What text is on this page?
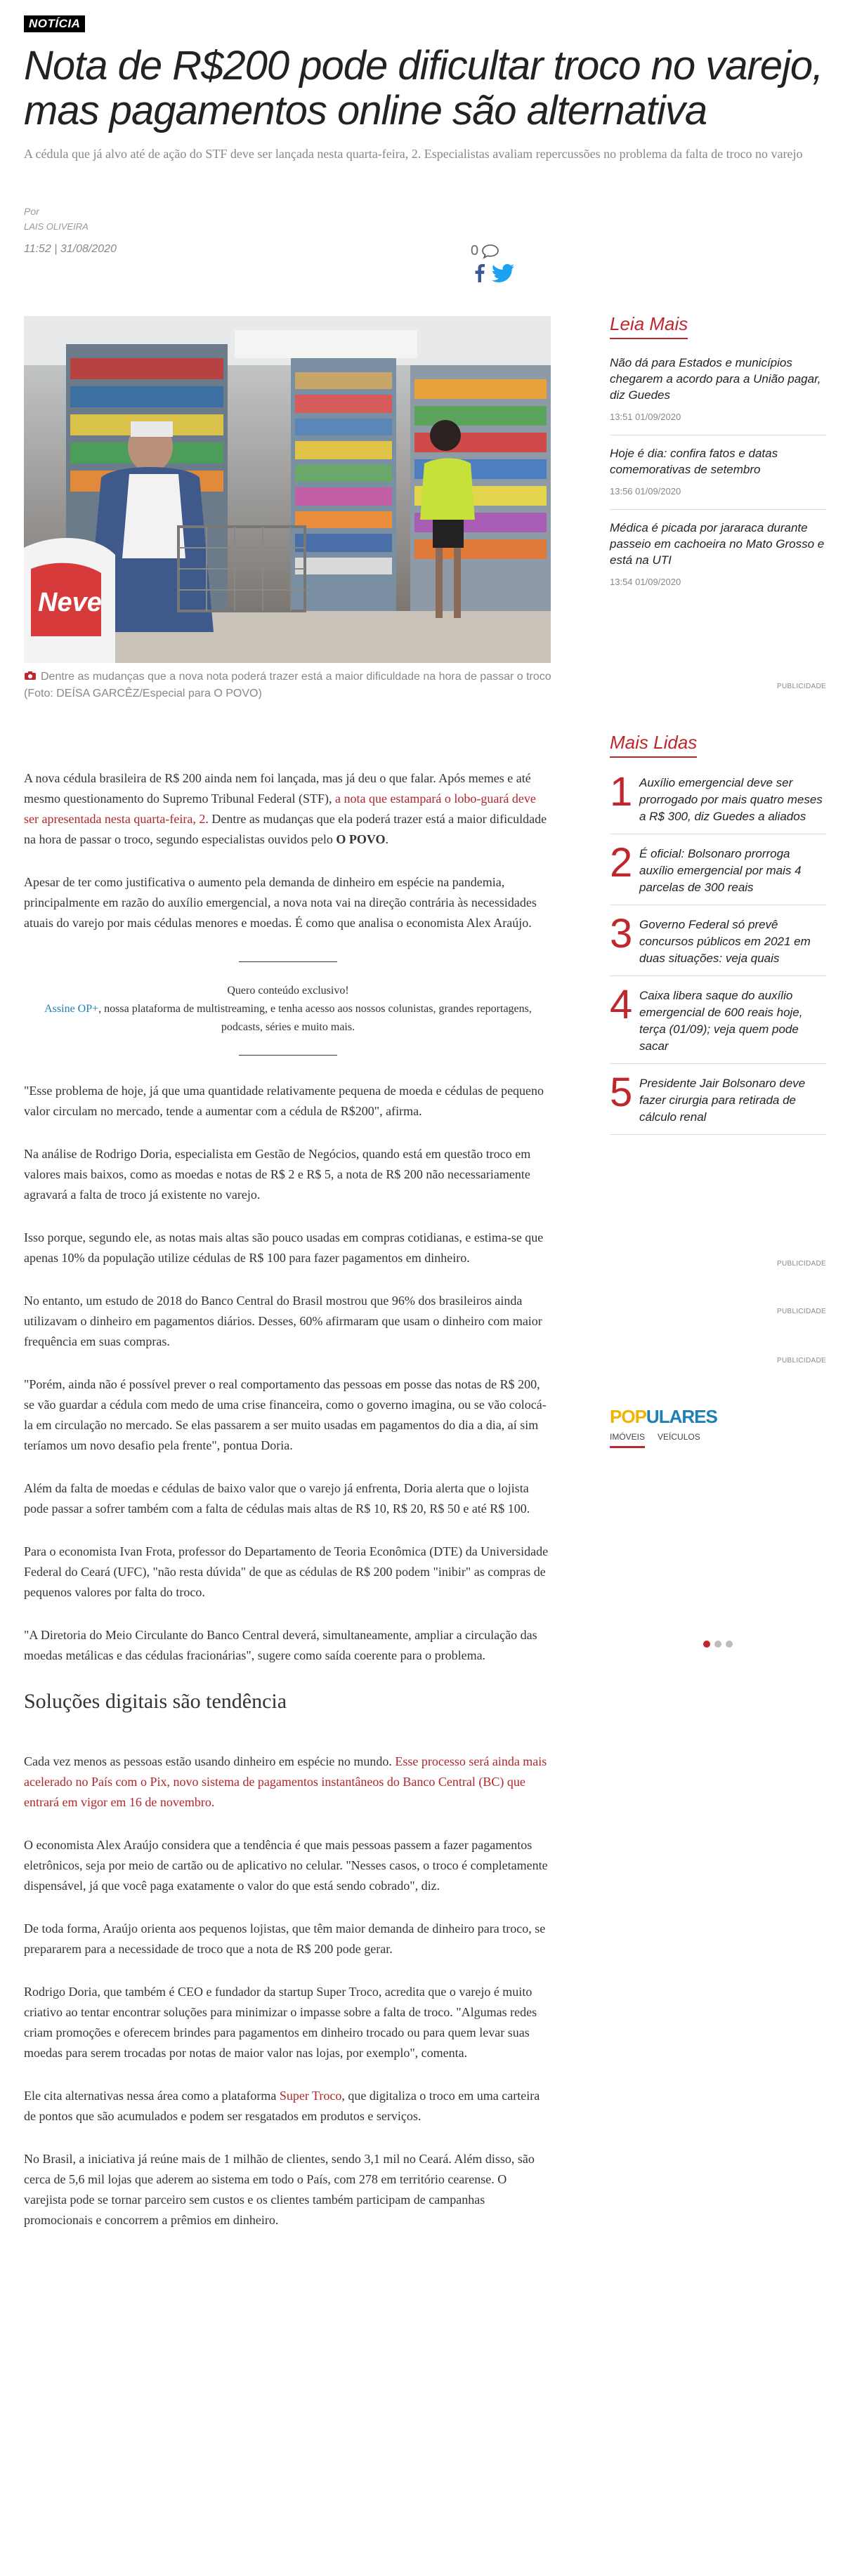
NOTÍCIA
Nota de R$200 pode dificultar troco no varejo, mas pagamentos online são alternativa

A cédula que já alvo até de ação do STF deve ser lançada nesta quarta-feira, 2. Especialistas avaliam repercussões no problema da falta de troco no varejo

Por
LAIS OLIVEIRA
11:52 | 31/08/2020	0
Neve
Dentre as mudanças que a nova nota poderá trazer está a maior dificuldade na hora de passar o troco (Foto: DEÍSA GARCÊZ/Especial para O POVO)

A nova cédula brasileira de R$ 200 ainda nem foi lançada, mas já deu o que falar. Após memes e até mesmo questionamento do Supremo Tribunal Federal (STF), a nota que estampará o lobo-guará deve ser apresentada nesta quarta-feira, 2. Dentre as mudanças que ela poderá trazer está a maior dificuldade na hora de passar o troco, segundo especialistas ouvidos pelo O POVO.

Apesar de ter como justificativa o aumento pela demanda de dinheiro em espécie na pandemia, principalmente em razão do auxílio emergencial, a nova nota vai na direção contrária às necessidades atuais do varejo por mais cédulas menores e moedas. É como que analisa o economista Alex Araújo.

Quero conteúdo exclusivo!
Assine OP+, nossa plataforma de multistreaming, e tenha acesso aos nossos colunistas, grandes reportagens, podcasts, séries e muito mais.

"Esse problema de hoje, já que uma quantidade relativamente pequena de moeda e cédulas de pequeno valor circulam no mercado, tende a aumentar com a cédula de R$200", afirma.

Na análise de Rodrigo Doria, especialista em Gestão de Negócios, quando está em questão troco em valores mais baixos, como as moedas e notas de R$ 2 e R$ 5, a nota de R$ 200 não necessariamente agravará a falta de troco já existente no varejo.

Isso porque, segundo ele, as notas mais altas são pouco usadas em compras cotidianas, e estima-se que apenas 10% da população utilize cédulas de R$ 100 para fazer pagamentos em dinheiro.

No entanto, um estudo de 2018 do Banco Central do Brasil mostrou que 96% dos brasileiros ainda utilizavam o dinheiro em pagamentos diários. Desses, 60% afirmaram que usam o dinheiro com maior frequência em suas compras.

"Porém, ainda não é possível prever o real comportamento das pessoas em posse das notas de R$ 200, se vão guardar a cédula com medo de uma crise financeira, como o governo imagina, ou se vão colocá-la em circulação no mercado. Se elas passarem a ser muito usadas em pagamentos do dia a dia, aí sim teríamos um novo desafio pela frente", pontua Doria.

Além da falta de moedas e cédulas de baixo valor que o varejo já enfrenta, Doria alerta que o lojista pode passar a sofrer também com a falta de cédulas mais altas de R$ 10, R$ 20, R$ 50 e até R$ 100.

Para o economista Ivan Frota, professor do Departamento de Teoria Econômica (DTE) da Universidade Federal do Ceará (UFC), "não resta dúvida" de que as cédulas de R$ 200 podem "inibir" as compras de pequenos valores por falta do troco.

"A Diretoria do Meio Circulante do Banco Central deverá, simultaneamente, ampliar a circulação das moedas metálicas e das cédulas fracionárias", sugere como saída coerente para o problema.

Soluções digitais são tendência

Cada vez menos as pessoas estão usando dinheiro em espécie no mundo. Esse processo será ainda mais acelerado no País com o Pix, novo sistema de pagamentos instantâneos do Banco Central (BC) que entrará em vigor em 16 de novembro.

O economista Alex Araújo considera que a tendência é que mais pessoas passem a fazer pagamentos eletrônicos, seja por meio de cartão ou de aplicativo no celular. "Nesses casos, o troco é completamente dispensável, já que você paga exatamente o valor do que está sendo cobrado", diz.

De toda forma, Araújo orienta aos pequenos lojistas, que têm maior demanda de dinheiro para troco, se prepararem para a necessidade de troco que a nota de R$ 200 pode gerar.

Rodrigo Doria, que também é CEO e fundador da startup Super Troco, acredita que o varejo é muito criativo ao tentar encontrar soluções para minimizar o impasse sobre a falta de troco. "Algumas redes criam promoções e oferecem brindes para pagamentos em dinheiro trocado ou para quem levar suas moedas para serem trocadas por notas de maior valor nas lojas, por exemplo", comenta.

Ele cita alternativas nessa área como a plataforma Super Troco, que digitaliza o troco em uma carteira de pontos que são acumulados e podem ser resgatados em produtos e serviços.

No Brasil, a iniciativa já reúne mais de 1 milhão de clientes, sendo 3,1 mil no Ceará. Além disso, são cerca de 5,6 mil lojas que aderem ao sistema em todo o País, com 278 em território cearense. O varejista pode se tornar parceiro sem custos e os clientes também participam de campanhas promocionais e concorrem a prêmios em dinheiro.

Leia Mais
Não dá para Estados e municípios chegarem a acordo para a União pagar, diz Guedes
13:51 01/09/2020
Hoje é dia: confira fatos e datas comemorativas de setembro
13:56 01/09/2020
Médica é picada por jararaca durante passeio em cachoeira no Mato Grosso e está na UTI
13:54 01/09/2020
PUBLICIDADE
Mais Lidas
1 Auxílio emergencial deve ser prorrogado por mais quatro meses a R$ 300, diz Guedes a aliados
2 É oficial: Bolsonaro prorroga auxílio emergencial por mais 4 parcelas de 300 reais
3 Governo Federal só prevê concursos públicos em 2021 em duas situações: veja quais
4 Caixa libera saque do auxílio emergencial de 600 reais hoje, terça (01/09); veja quem pode sacar
5 Presidente Jair Bolsonaro deve fazer cirurgia para retirada de cálculo renal
PUBLICIDADE
PUBLICIDADE
PUBLICIDADE
POPULARES
IMÓVEIS VEÍCULOS
